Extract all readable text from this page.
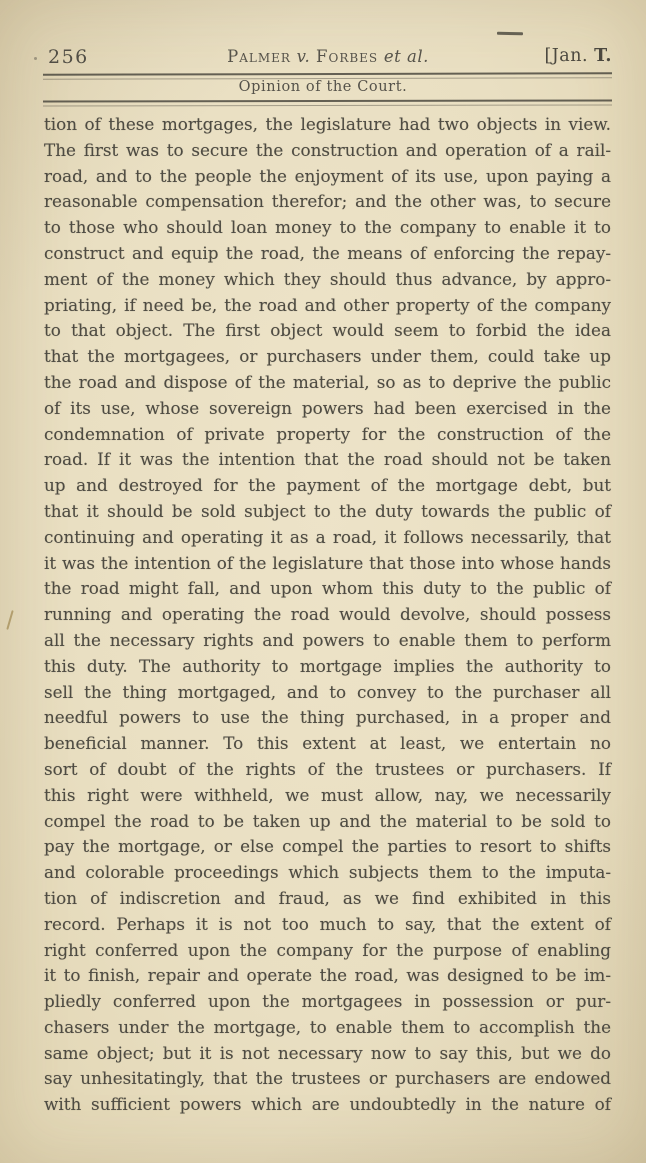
256	Palmer v. Forbes et al.	[Jan. T.
Opinion of the Court.
tion of these mortgages, the legislature had two objects in view.
The first was to secure the construction and operation of a rail-
road, and to the people the enjoyment of its use, upon paying a
reasonable compensation therefor; and the other was, to secure
to those who should loan money to the company to enable it to
construct and equip the road, the means of enforcing the repay-
ment of the money which they should thus advance, by appro-
priating, if need be, the road and other property of the company
to that object. The first object would seem to forbid the idea
that the mortgagees, or purchasers under them, could take up
the road and dispose of the material, so as to deprive the public
of its use, whose sovereign powers had been exercised in the
condemnation of private property for the construction of the
road. If it was the intention that the road should not be taken
up and destroyed for the payment of the mortgage debt, but
that it should be sold subject to the duty towards the public of
continuing and operating it as a road, it follows necessarily, that
it was the intention of the legislature that those into whose hands
the road might fall, and upon whom this duty to the public of
running and operating the road would devolve, should possess
all the necessary rights and powers to enable them to perform
this duty. The authority to mortgage implies the authority to
sell the thing mortgaged, and to convey to the purchaser all
needful powers to use the thing purchased, in a proper and
beneficial manner. To this extent at least, we entertain no
sort of doubt of the rights of the trustees or purchasers. If
this right were withheld, we must allow, nay, we necessarily
compel the road to be taken up and the material to be sold to
pay the mortgage, or else compel the parties to resort to shifts
and colorable proceedings which subjects them to the imputa-
tion of indiscretion and fraud, as we find exhibited in this
record. Perhaps it is not too much to say, that the extent of
right conferred upon the company for the purpose of enabling
it to finish, repair and operate the road, was designed to be im-
pliedly conferred upon the mortgagees in possession or pur-
chasers under the mortgage, to enable them to accomplish the
same object; but it is not necessary now to say this, but we do
say unhesitatingly, that the trustees or purchasers are endowed
with sufficient powers which are undoubtedly in the nature of
